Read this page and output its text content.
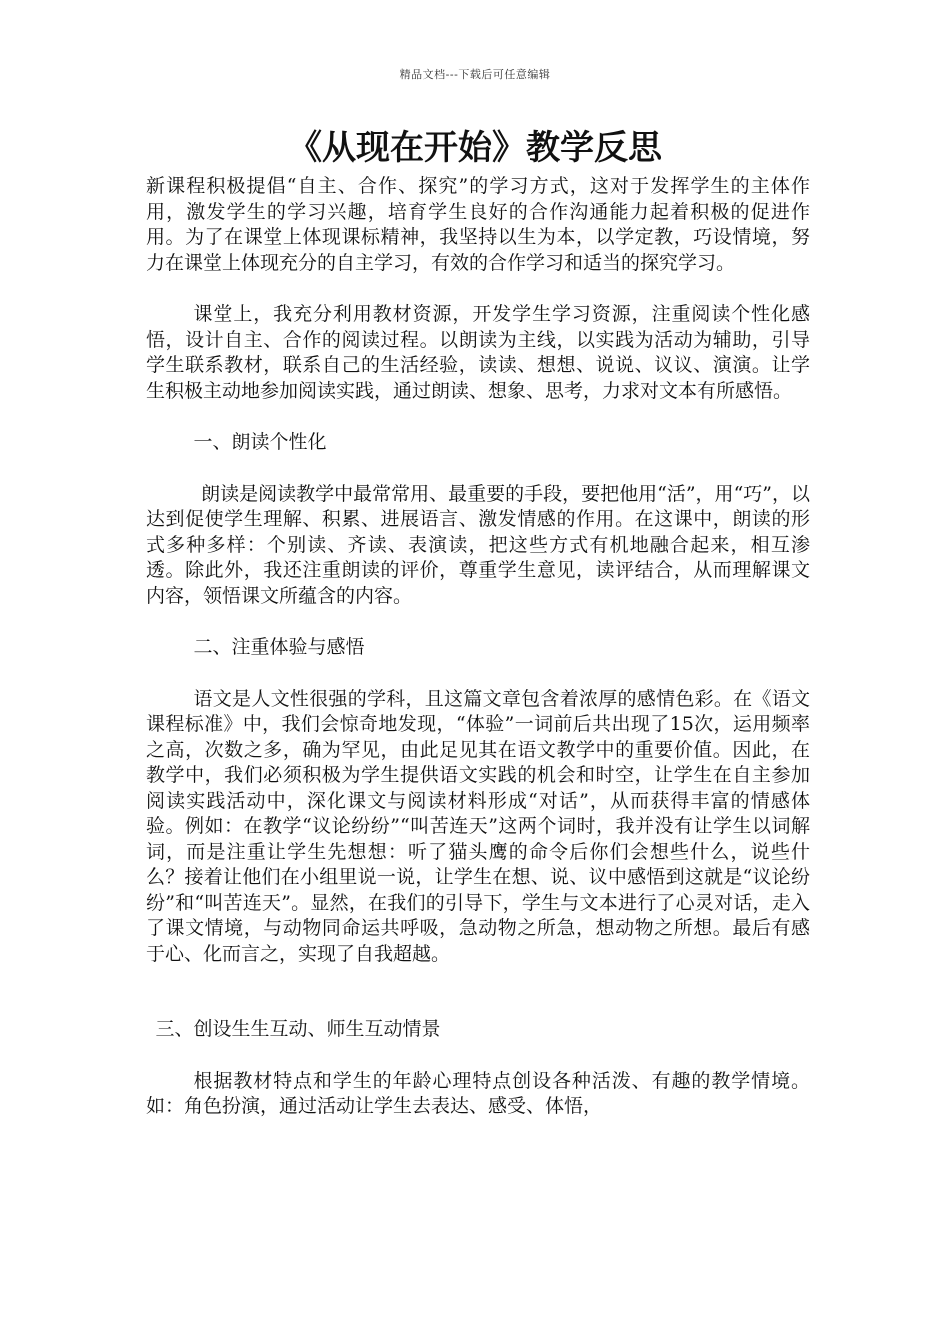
精品文档---下载后可任意编辑
《从现在开始》教学反思

新课程积极提倡“自主、合作、探究”的学习方式，这对于发挥学生的主体作用，激发学生的学习兴趣，培育学生良好的合作沟通能力起着积极的促进作用。为了在课堂上体现课标精神，我坚持以生为本，以学定教，巧设情境，努力在课堂上体现充分的自主学习，有效的合作学习和适当的探究学习。

课堂上，我充分利用教材资源，开发学生学习资源，注重阅读个性化感悟，设计自主、合作的阅读过程。以朗读为主线，以实践为活动为辅助，引导学生联系教材，联系自己的生活经验，读读、想想、说说、议议、演演。让学生积极主动地参加阅读实践，通过朗读、想象、思考，力求对文本有所感悟。

一、朗读个性化

朗读是阅读教学中最常常用、最重要的手段，要把他用“活”，用“巧”，以达到促使学生理解、积累、进展语言、激发情感的作用。在这课中，朗读的形式多种多样：个别读、齐读、表演读，把这些方式有机地融合起来，相互渗透。除此外，我还注重朗读的评价，尊重学生意见，读评结合，从而理解课文内容，领悟课文所蕴含的内容。

二、注重体验与感悟

语文是人文性很强的学科，且这篇文章包含着浓厚的感情色彩。在《语文课程标准》中，我们会惊奇地发现，“体验”一词前后共出现了15次，运用频率之高，次数之多，确为罕见，由此足见其在语文教学中的重要价值。因此，在教学中，我们必须积极为学生提供语文实践的机会和时空，让学生在自主参加阅读实践活动中，深化课文与阅读材料形成“对话”，从而获得丰富的情感体验。例如：在教学“议论纷纷”“叫苦连天”这两个词时，我并没有让学生以词解词，而是注重让学生先想想：听了猫头鹰的命令后你们会想些什么，说些什么？接着让他们在小组里说一说，让学生在想、说、议中感悟到这就是“议论纷纷”和“叫苦连天”。显然，在我们的引导下，学生与文本进行了心灵对话，走入了课文情境，与动物同命运共呼吸，急动物之所急，想动物之所想。最后有感于心、化而言之，实现了自我超越。

三、创设生生互动、师生互动情景

根据教材特点和学生的年龄心理特点创设各种活泼、有趣的教学情境。如：角色扮演，通过活动让学生去表达、感受、体悟，
